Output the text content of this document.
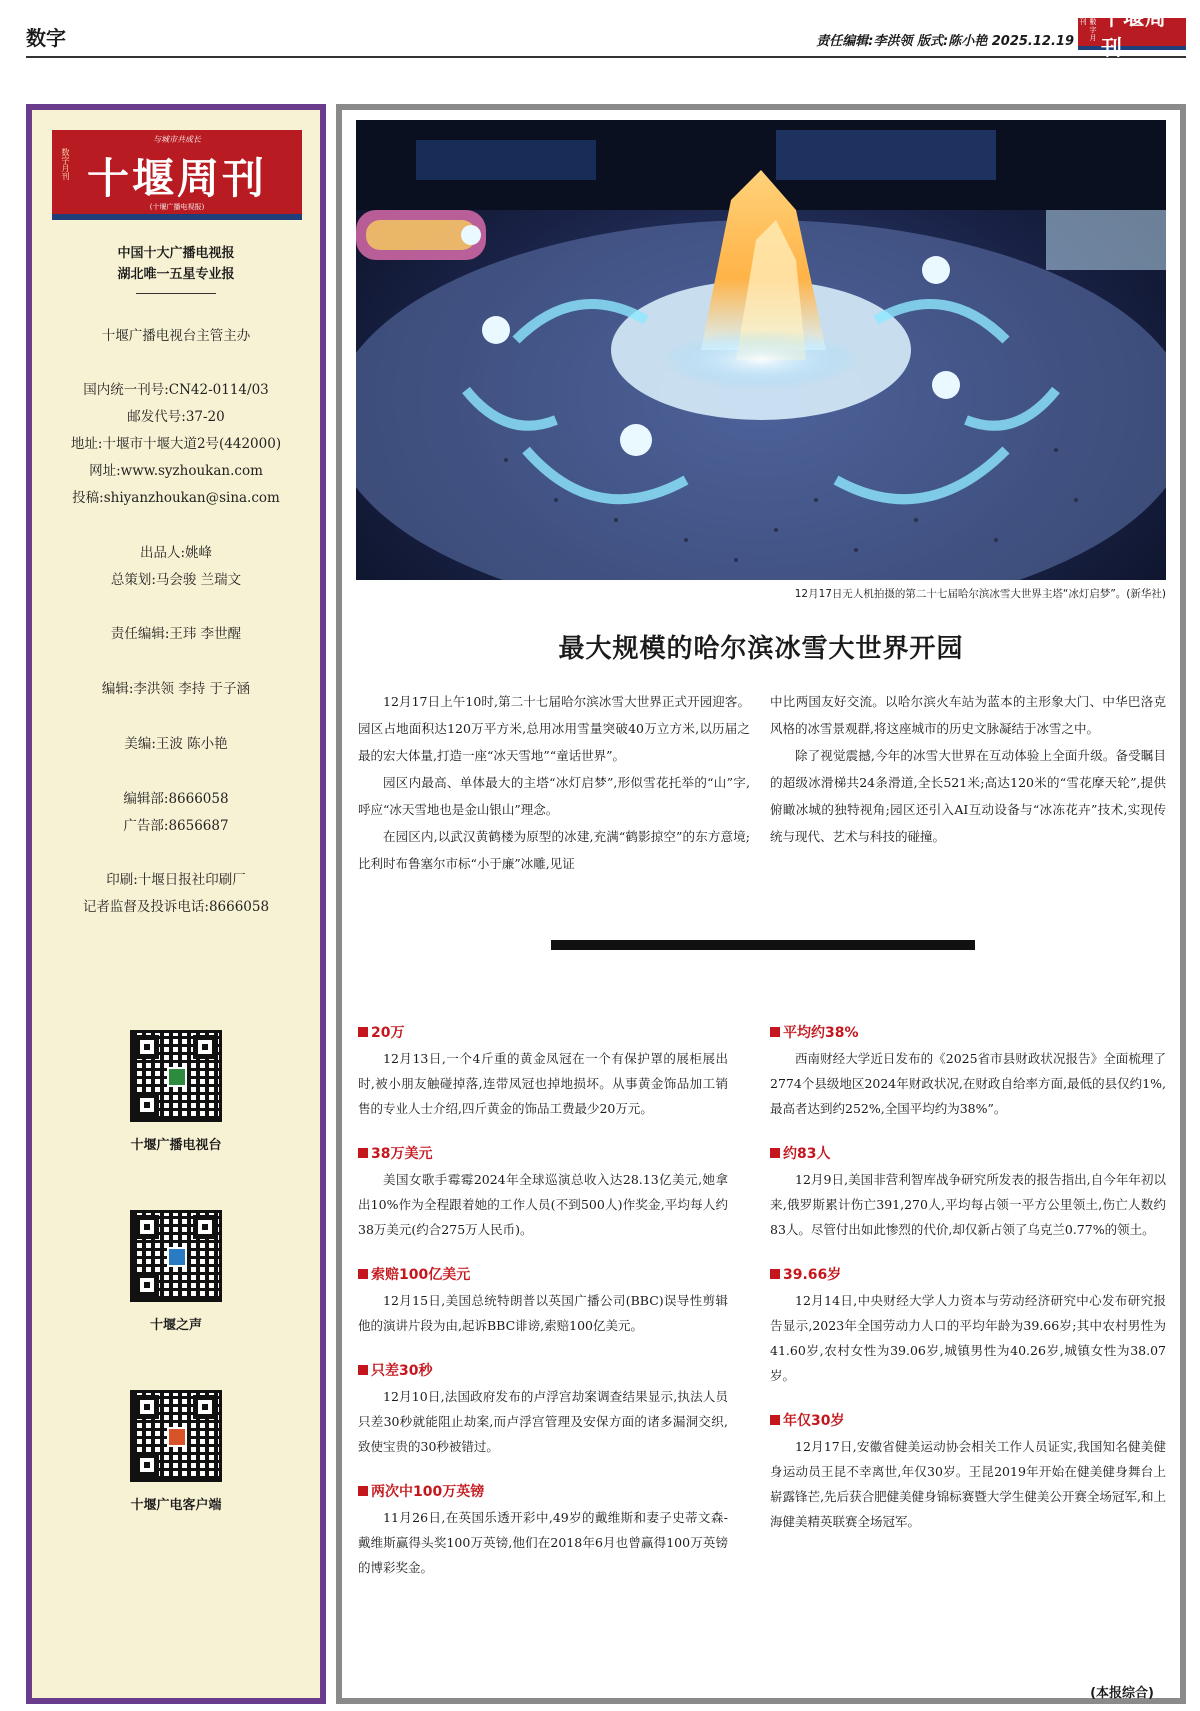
数字	责任编辑:李洪领 版式:陈小艳 2025.12.19	數字月刊 十堰周刊
与城市共成长
数字月刊 十堰周刊
(十堰广播电视报)
中国十大广播电视报
湖北唯一五星专业报
十堰广播电视台主管主办
国内统一刊号:CN42-0114/03
邮发代号:37-20
地址:十堰市十堰大道2号(442000)
网址:www.syzhoukan.com
投稿:shiyanzhoukan@sina.com
出品人:姚峰
总策划:马会骏 兰瑞文
责任编辑:王玮 李世醒
编辑:李洪领 李持 于子涵
美编:王波 陈小艳
编辑部:8666058
广告部:8656687
印刷:十堰日报社印刷厂
记者监督及投诉电话:8666058
十堰广播电视台
十堰之声
十堰广电客户端
12月17日无人机拍摄的第二十七届哈尔滨冰雪大世界主塔“冰灯启梦”。(新华社)
最大规模的哈尔滨冰雪大世界开园

12月17日上午10时,第二十七届哈尔滨冰雪大世界正式开园迎客。园区占地面积达120万平方米,总用冰用雪量突破40万立方米,以历届之最的宏大体量,打造一座“冰天雪地”“童话世界”。

园区内最高、单体最大的主塔“冰灯启梦”,形似雪花托举的“山”字,呼应“冰天雪地也是金山银山”理念。

在园区内,以武汉黄鹤楼为原型的冰建,充满“鹤影掠空”的东方意境;比利时布鲁塞尔市标“小于廉”冰雕,见证

中比两国友好交流。以哈尔滨火车站为蓝本的主形象大门、中华巴洛克风格的冰雪景观群,将这座城市的历史文脉凝结于冰雪之中。

除了视觉震撼,今年的冰雪大世界在互动体验上全面升级。备受瞩目的超级冰滑梯共24条滑道,全长521米;高达120米的“雪花摩天轮”,提供俯瞰冰城的独特视角;园区还引入AI互动设备与“冰冻花卉”技术,实现传统与现代、艺术与科技的碰撞。

20万
12月13日,一个4斤重的黄金凤冠在一个有保护罩的展柜展出时,被小朋友触碰掉落,连带凤冠也掉地损坏。从事黄金饰品加工销售的专业人士介绍,四斤黄金的饰品工费最少20万元。
38万美元
美国女歌手霉霉2024年全球巡演总收入达28.13亿美元,她拿出10%作为全程跟着她的工作人员(不到500人)作奖金,平均每人约38万美元(约合275万人民币)。
索赔100亿美元
12月15日,美国总统特朗普以英国广播公司(BBC)误导性剪辑他的演讲片段为由,起诉BBC诽谤,索赔100亿美元。
只差30秒
12月10日,法国政府发布的卢浮宫劫案调查结果显示,执法人员只差30秒就能阻止劫案,而卢浮宫管理及安保方面的诸多漏洞交织,致使宝贵的30秒被错过。
两次中100万英镑
11月26日,在英国乐透开彩中,49岁的戴维斯和妻子史蒂文森-戴维斯赢得头奖100万英镑,他们在2018年6月也曾赢得100万英镑的博彩奖金。
平均约38%
西南财经大学近日发布的《2025省市县财政状况报告》全面梳理了2774个县级地区2024年财政状况,在财政自给率方面,最低的县仅约1%,最高者达到约252%,全国平均约为38%”。
约83人
12月9日,美国非营利智库战争研究所发表的报告指出,自今年年初以来,俄罗斯累计伤亡391,270人,平均每占领一平方公里领土,伤亡人数约83人。尽管付出如此惨烈的代价,却仅新占领了乌克兰0.77%的领土。
39.66岁
12月14日,中央财经大学人力资本与劳动经济研究中心发布研究报告显示,2023年全国劳动力人口的平均年龄为39.66岁;其中农村男性为41.60岁,农村女性为39.06岁,城镇男性为40.26岁,城镇女性为38.07岁。
年仅30岁
12月17日,安徽省健美运动协会相关工作人员证实,我国知名健美健身运动员王昆不幸离世,年仅30岁。王昆2019年开始在健美健身舞台上崭露锋芒,先后获合肥健美健身锦标赛暨大学生健美公开赛全场冠军,和上海健美精英联赛全场冠军。
(本报综合)
